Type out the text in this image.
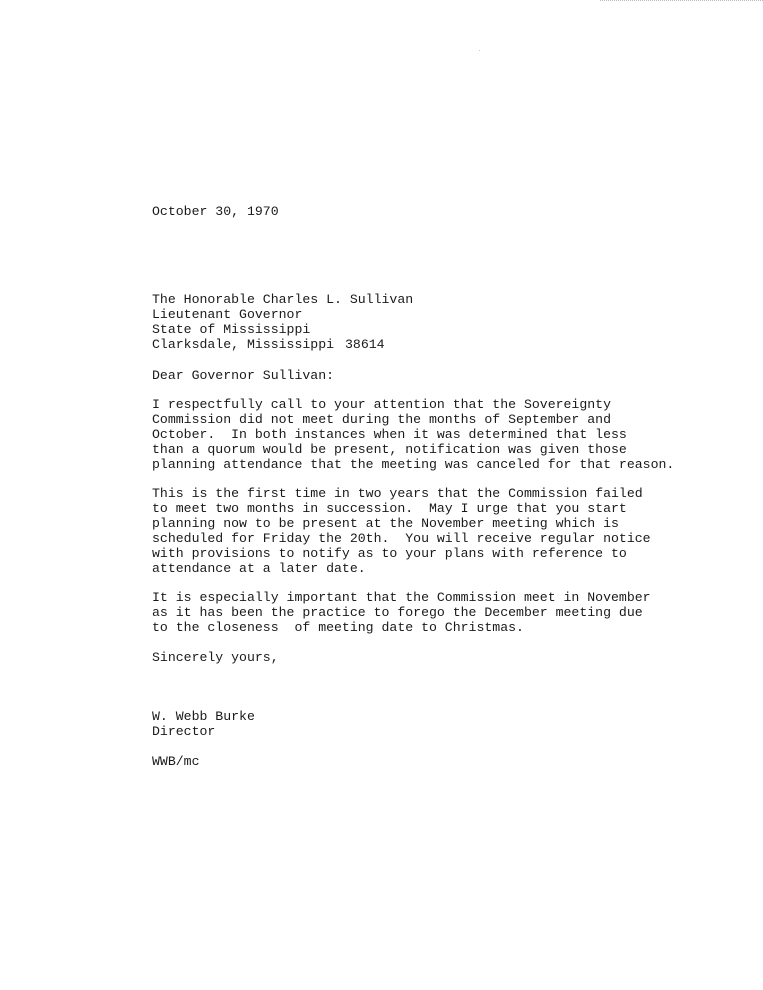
October 30, 1970

The Honorable Charles L. Sullivan

Lieutenant Governor

State of Mississippi

Clarksdale, Mississippi 38614

Dear Governor Sullivan:

I respectfully call to your attention that the Sovereignty
Commission did not meet during the months of September and
October.  In both instances when it was determined that less
than a quorum would be present, notification was given those
planning attendance that the meeting was canceled for that reason.
This is the first time in two years that the Commission failed
to meet two months in succession.  May I urge that you start
planning now to be present at the November meeting which is
scheduled for Friday the 20th.  You will receive regular notice
with provisions to notify as to your plans with reference to
attendance at a later date.
It is especially important that the Commission meet in November
as it has been the practice to forego the December meeting due
to the closeness  of meeting date to Christmas.

Sincerely yours,

W. Webb Burke

Director

WWB/mc
